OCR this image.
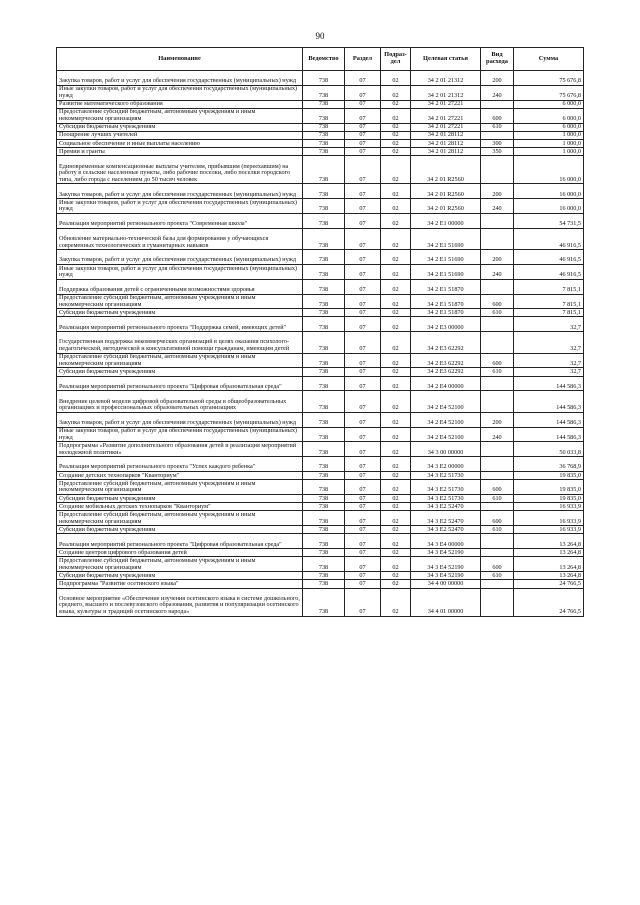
90
Наименование	Ведомство	Раздел	Подраз-дел	Целевая статья	Вид расхода	Сумма
Закупка товаров, работ и услуг для обеспечения государственных (муниципальных) нужд	738	07	02	34 2 01 21312	200	75 676,8
Иные закупки товаров, работ и услуг для обеспечения государственных (муниципальных) нужд	738	07	02	34 2 01 21312	240	75 676,8
Развитие математического образования	738	07	02	34 2 01 27221		6 000,0
Предоставление субсидий бюджетным, автономным учреждениям и иным некоммерческим организациям	738	07	02	34 2 01 27221	600	6 000,0
Субсидии бюджетным учреждениям	738	07	02	34 2 01 27221	610	6 000,0
Поощрение лучших учителей	738	07	02	34 2 01 28112		1 000,0
Социальное обеспечение и иные выплаты населению	738	07	02	34 2 01 28112	300	1 000,0
Премии и гранты	738	07	02	34 2 01 28112	350	1 000,0
Единовременные компенсационные выплаты учителям, прибывшим (переехавшим) на работу в сельские населенные пункты, либо рабочие поселки, либо поселки городского типа, либо города с населением до 50 тысяч человек	738	07	02	34 2 01 R2560		16 000,0
Закупка товаров, работ и услуг для обеспечения государственных (муниципальных) нужд	738	07	02	34 2 01 R2560	200	16 000,0
Иные закупки товаров, работ и услуг для обеспечения государственных (муниципальных) нужд	738	07	02	34 2 01 R2560	240	16 000,0
Реализация мероприятий регионального проекта "Современная школа"	738	07	02	34 2 E1 00000		54 731,5
Обновление материально-технической базы для формирования у обучающихся современных технологических и гуманитарных навыков	738	07	02	34 2 E1 51690		46 916,5
Закупка товаров, работ и услуг для обеспечения государственных (муниципальных) нужд	738	07	02	34 2 E1 51690	200	46 916,5
Иные закупки товаров, работ и услуг для обеспечения государственных (муниципальных) нужд	738	07	02	34 2 E1 51690	240	46 916,5
Поддержка образования детей с ограниченными возможностями здоровья	738	07	02	34 2 E1 51870		7 815,1
Предоставление субсидий бюджетным, автономным учреждениям и иным некоммерческим организациям	738	07	02	34 2 E1 51870	600	7 815,1
Субсидии бюджетным учреждениям	738	07	02	34 2 E1 51870	610	7 815,1
Реализация мероприятий регионального проекта "Поддержка семей, имеющих детей"	738	07	02	34 2 E3 00000		32,7
Государственная поддержка некоммерческих организаций в целях оказания психолого-педагогической, методической и консультативной помощи гражданам, имеющим детей	738	07	02	34 2 E3 62292		32,7
Предоставление субсидий бюджетным, автономным учреждениям и иным некоммерческим организациям	738	07	02	34 2 E3 62292	600	32,7
Субсидии бюджетным учреждениям	738	07	02	34 2 E3 62292	610	32,7
Реализация мероприятий регионального проекта "Цифровая образовательная среда"	738	07	02	34 2 E4 00000		144 586,3
Внедрение целевой модели цифровой образовательной среды в общеобразовательных организациях и профессиональных образовательных организациях	738	07	02	34 2 E4 52100		144 586,3
Закупка товаров, работ и услуг для обеспечения государственных (муниципальных) нужд	738	07	02	34 2 E4 52100	200	144 586,3
Иные закупки товаров, работ и услуг для обеспечения государственных (муниципальных) нужд	738	07	02	34 2 E4 52100	240	144 586,3
Подпрограмма «Развитие дополнительного образования детей и реализация мероприятий молодежной политики»	738	07	02	34 3 00 00000		50 033,8
Реализация мероприятий регионального проекта "Успех каждого ребенка"	738	07	02	34 3 E2 00000		36 768,9
Создание детских технопарков "Кванториум"	738	07	02	34 3 E2 51730		19 835,0
Предоставление субсидий бюджетным, автономным учреждениям и иным некоммерческим организациям	738	07	02	34 3 E2 51730	600	19 835,0
Субсидии бюджетным учреждениям	738	07	02	34 3 E2 51730	610	19 835,0
Создание мобильных детских технопарков "Кванториум"	738	07	02	34 3 E2 52470		16 933,9
Предоставление субсидий бюджетным, автономным учреждениям и иным некоммерческим организациям	738	07	02	34 3 E2 52470	600	16 933,9
Субсидии бюджетным учреждениям	738	07	02	34 3 E2 52470	610	16 933,9
Реализация мероприятий регионального проекта "Цифровая образовательная среда"	738	07	02	34 3 E4 00000		13 264,8
Создание центров цифрового образования детей	738	07	02	34 3 E4 52190		13 264,8
Предоставление субсидий бюджетным, автономным учреждениям и иным некоммерческим организациям	738	07	02	34 3 E4 52190	600	13 264,8
Субсидии бюджетным учреждениям	738	07	02	34 3 E4 52190	610	13 264,8
Подпрограмма "Развитие осетинского языка"	738	07	02	34 4 00 00000		24 766,5
Основное мероприятие «Обеспечение изучения осетинского языка в системе дошкольного, среднего, высшего и послевузовского образования, развития и популяризации осетинского языка, культуры и традиций осетинского народа»	738	07	02	34 4 01 00000		24 766,5
